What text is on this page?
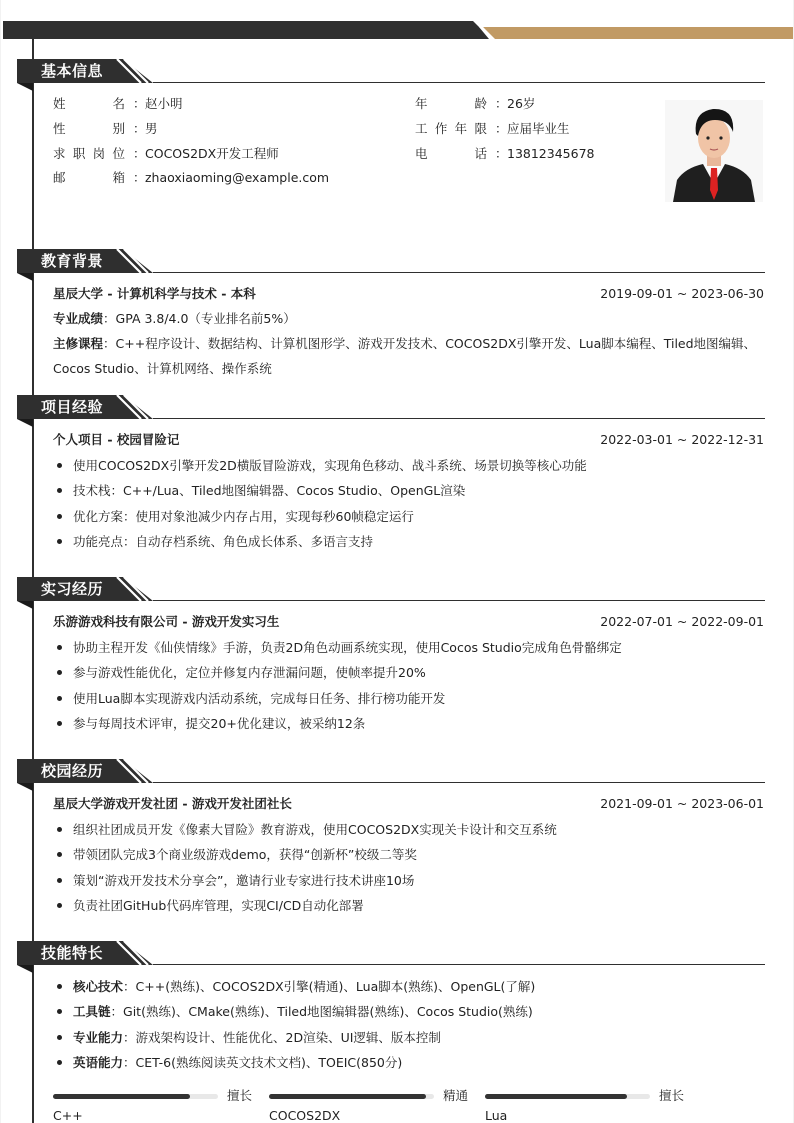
基本信息
姓	名 ：赵小明
性	别 ：男
求 职 岗 位 ：COCOS2DX开发工程师
邮	箱 ：zhaoxiaoming@example.com
年	龄 ：26岁
工 作 年 限 ：应届毕业生
电	话 ：13812345678
教育背景
星辰大学 - 计算机科学与技术 - 本科	2019-09-01 ~ 2023-06-30
专业成绩：GPA 3.8/4.0（专业排名前5%）
主修课程：C++程序设计、数据结构、计算机图形学、游戏开发技术、COCOS2DX引擎开发、Lua脚本编程、Tiled地图编辑、Cocos Studio、计算机网络、操作系统
项目经验
个人项目 - 校园冒险记	2022-03-01 ~ 2022-12-31
使用COCOS2DX引擎开发2D横版冒险游戏，实现角色移动、战斗系统、场景切换等核心功能
技术栈：C++/Lua、Tiled地图编辑器、Cocos Studio、OpenGL渲染
优化方案：使用对象池减少内存占用，实现每秒60帧稳定运行
功能亮点：自动存档系统、角色成长体系、多语言支持
实习经历
乐游游戏科技有限公司 - 游戏开发实习生	2022-07-01 ~ 2022-09-01
协助主程开发《仙侠情缘》手游，负责2D角色动画系统实现，使用Cocos Studio完成角色骨骼绑定
参与游戏性能优化，定位并修复内存泄漏问题，使帧率提升20%
使用Lua脚本实现游戏内活动系统，完成每日任务、排行榜功能开发
参与每周技术评审，提交20+优化建议，被采纳12条
校园经历
星辰大学游戏开发社团 - 游戏开发社团社长	2021-09-01 ~ 2023-06-01
组织社团成员开发《像素大冒险》教育游戏，使用COCOS2DX实现关卡设计和交互系统
带领团队完成3个商业级游戏demo，获得“创新杯”校级二等奖
策划“游戏开发技术分享会”，邀请行业专家进行技术讲座10场
负责社团GitHub代码库管理，实现CI/CD自动化部署
技能特长
核心技术：C++(熟练)、COCOS2DX引擎(精通)、Lua脚本(熟练)、OpenGL(了解)
工具链：Git(熟练)、CMake(熟练)、Tiled地图编辑器(熟练)、Cocos Studio(熟练)
专业能力：游戏架构设计、性能优化、2D渲染、UI逻辑、版本控制
英语能力：CET-6(熟练阅读英文技术文档)、TOEIC(850分)
擅长
C++
精通
COCOS2DX
擅长
Lua
